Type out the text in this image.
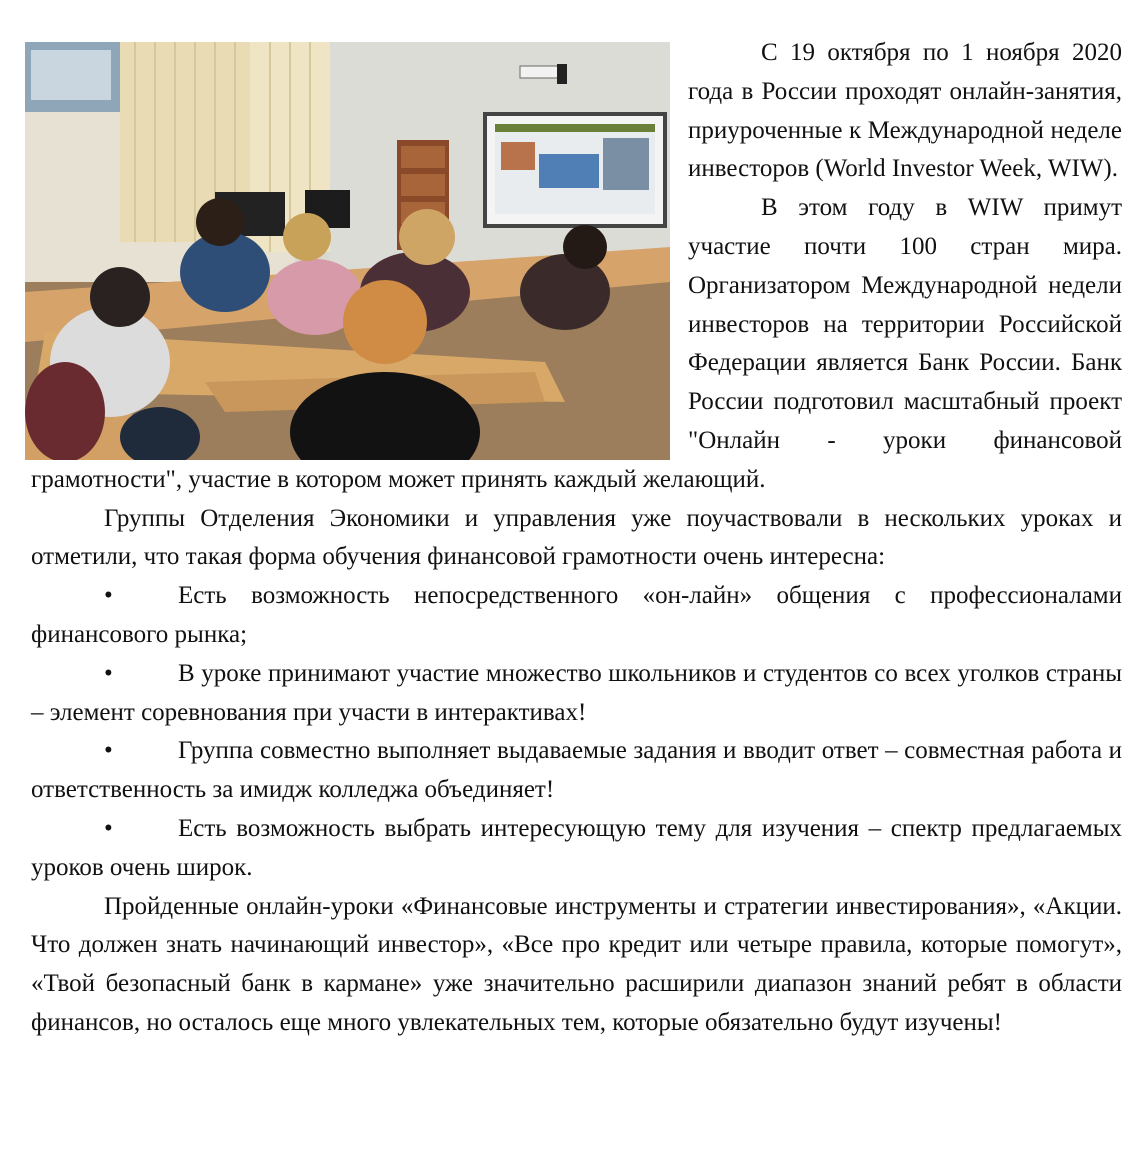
С 19 октября по 1 ноября 2020 года в России проходят онлайн-занятия, приуроченные к Международной неделе инвесторов (World Investor Week, WIW).

В этом году в WIW примут участие почти 100 стран мира. Организатором Международной недели инвесторов на территории Российской Федерации является Банк России. Банк России подготовил масштабный проект "Онлайн - уроки финансовой грамотности", участие в котором может принять каждый желающий.

Группы Отделения Экономики и управления уже поучаствовали в нескольких уроках и отметили, что такая форма обучения финансовой грамотности очень интересна:

•	Есть возможность непосредственного «он-лайн» общения с профессионалами финансового рынка;

•	В уроке принимают участие множество школьников и студентов со всех уголков страны – элемент соревнования при участи в интерактивах!

•	Группа совместно выполняет выдаваемые задания и вводит ответ – совместная работа и ответственность за имидж колледжа объединяет!

•	Есть возможность выбрать интересующую тему для изучения – спектр предлагаемых уроков очень широк.

Пройденные онлайн-уроки «Финансовые инструменты и стратегии инвестирования», «Акции. Что должен знать начинающий инвестор», «Все про кредит или четыре правила, которые помогут», «Твой безопасный банк в кармане» уже значительно расширили диапазон знаний ребят в области финансов, но осталось еще много увлекательных тем, которые обязательно будут изучены!
